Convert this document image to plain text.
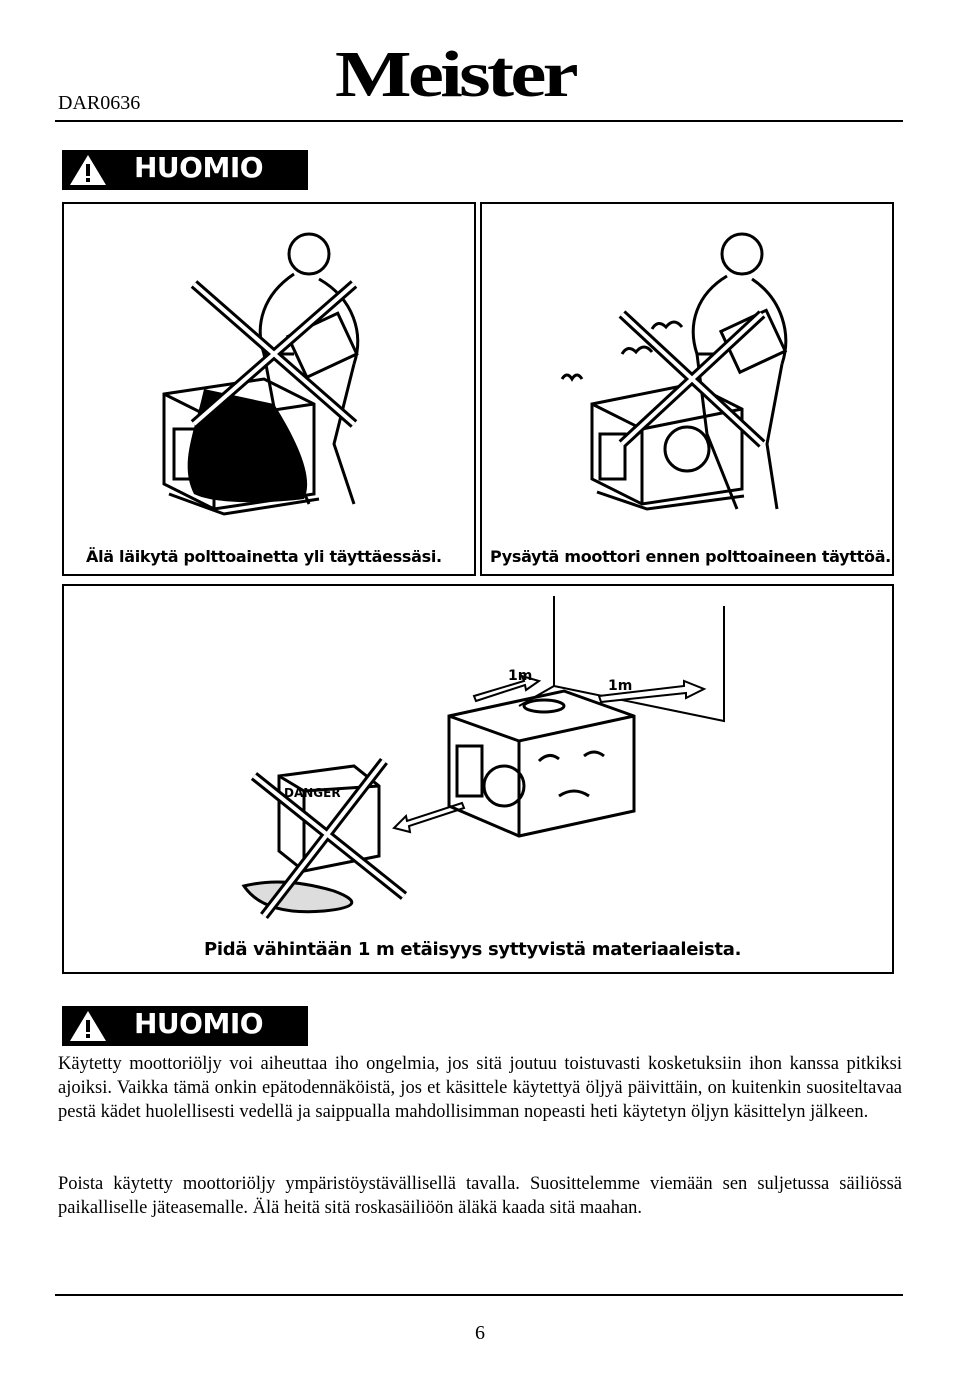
DAR0636	Meister
HUOMIO
Älä läikytä polttoainetta yli täyttäessäsi.	Pysäytä moottori ennen polttoaineen täyttöä.
1m
1m
DANGER
Pidä vähintään 1 m etäisyys syttyvistä materiaaleista.
HUOMIO
Käytetty moottoriöljy voi aiheuttaa iho ongelmia, jos sitä joutuu toistuvasti kosketuksiin ihon kanssa pitkiksi ajoiksi. Vaikka tämä onkin epätodennäköistä, jos et käsittele käytettyä öljyä päivittäin, on kuitenkin suositeltavaa pestä kädet huolellisesti vedellä ja saippualla mahdollisimman nopeasti heti käytetyn öljyn käsittelyn jälkeen.
Poista käytetty moottoriöljy ympäristöystävällisellä tavalla. Suosittelemme viemään sen suljetussa säiliössä paikalliselle jäteasemalle. Älä heitä sitä roskasäiliöön äläkä kaada sitä maahan.
6
